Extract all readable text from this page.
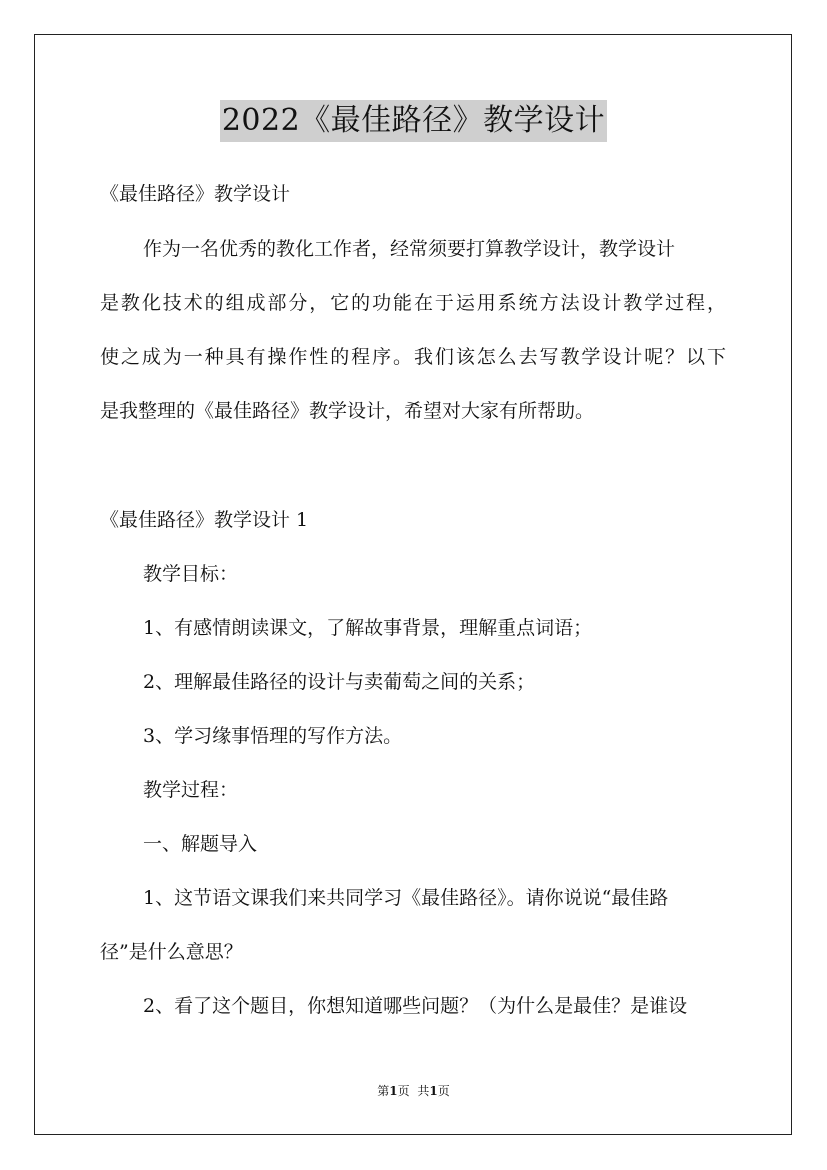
2022《最佳路径》教学设计
《最佳路径》教学设计
作为一名优秀的教化工作者，经常须要打算教学设计，教学设计
是教化技术的组成部分，它的功能在于运用系统方法设计教学过程，
使之成为一种具有操作性的程序。我们该怎么去写教学设计呢？以下
是我整理的《最佳路径》教学设计，希望对大家有所帮助。
《最佳路径》教学设计 1
教学目标：
1、有感情朗读课文，了解故事背景，理解重点词语；
2、理解最佳路径的设计与卖葡萄之间的关系；
3、学习缘事悟理的写作方法。
教学过程：
一、解题导入
1、这节语文课我们来共同学习《最佳路径》。请你说说“最佳路
径”是什么意思？
2、看了这个题目，你想知道哪些问题？（为什么是最佳？是谁设
第1页 共1页
